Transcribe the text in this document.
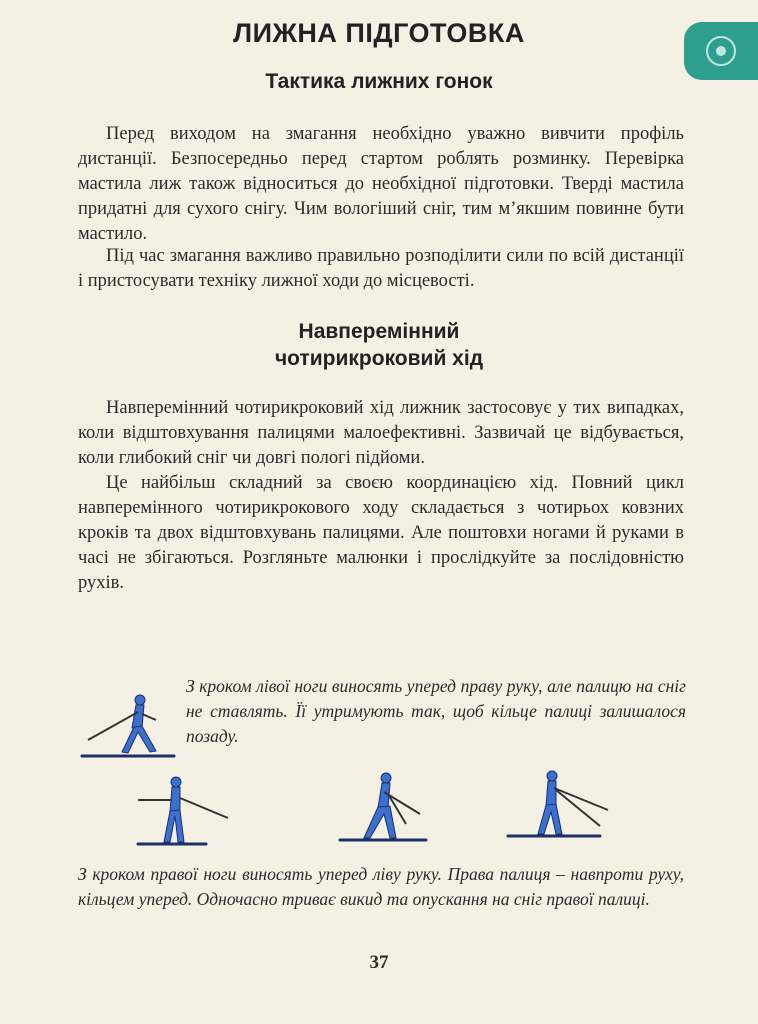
ЛИЖНА ПІДГОТОВКА
Тактика лижних гонок

Перед виходом на змагання необхідно уважно вивчити профіль дистанції. Безпосередньо перед стартом роблять розминку. Перевірка мастила лиж також відноситься до необхідної підготовки. Тверді мастила придатні для сухого снігу. Чим вологіший сніг, тим м’якшим повинне бути мастило.

Під час змагання важливо правильно розподілити сили по всій дистанції і пристосувати техніку лижної ходи до місцевості.

Навперемінний
чотирикроковий хід

Навперемінний чотирикроковий хід лижник застосовує у тих випадках, коли відштовхування палицями малоефективні. Зазвичай це відбувається, коли глибокий сніг чи довгі пологі підйоми.

Це найбільш складний за своєю координацією хід. Повний цикл навперемінного чотирикрокового ходу складається з чотирьох ковзних кроків та двох відштовхувань палицями. Але поштовхи ногами й руками в часі не збігаються. Розгляньте малюнки і прослідкуйте за послідовністю рухів.

З кроком лівої ноги виносять уперед праву руку, але палицю на сніг не ставлять. Її утримують так, щоб кільце палиці залишалося позаду.

З кроком правої ноги виносять уперед ліву руку. Права палиця – навпроти руху, кільцем уперед. Одночасно триває викид та опускання на сніг правої палиці.

37
